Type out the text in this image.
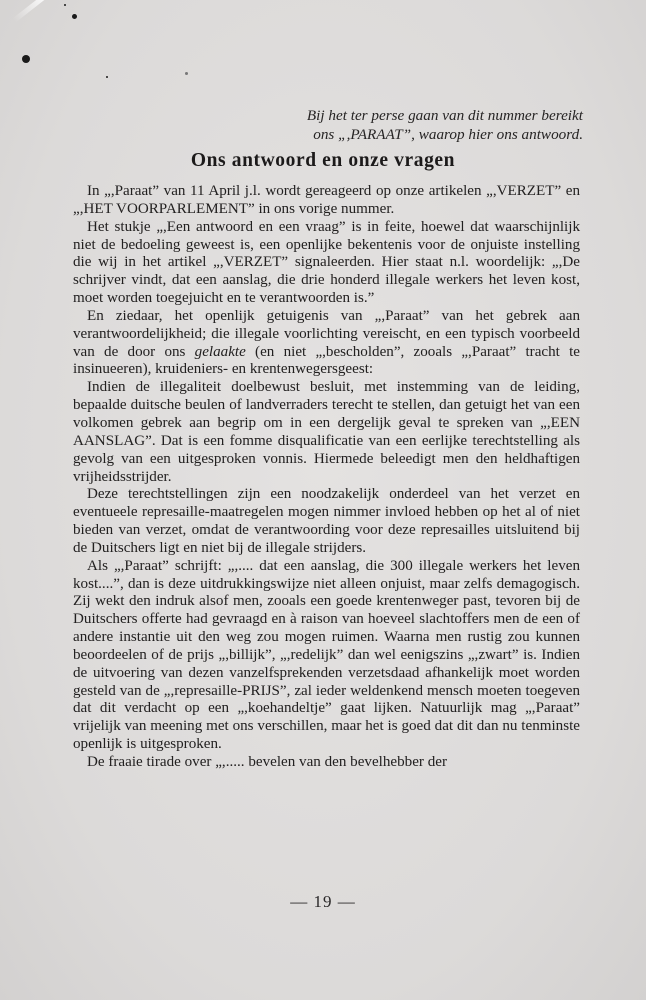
Bij het ter perse gaan van dit nummer bereikt
ons „,PARAAT”, waarop hier ons antwoord.
Ons antwoord en onze vragen

In „,Paraat” van 11 April j.l. wordt gereageerd op onze artikelen „,VERZET” en „,HET VOORPARLEMENT” in ons vorige nummer.

Het stukje „,Een antwoord en een vraag” is in feite, hoewel dat waarschijnlijk niet de bedoeling geweest is, een openlijke bekentenis voor de onjuiste instelling die wij in het artikel „,VERZET” signaleerden. Hier staat n.l. woordelijk: „,De schrijver vindt, dat een aanslag, die drie honderd illegale werkers het leven kost, moet worden toegejuicht en te verantwoorden is.”

En ziedaar, het openlijk getuigenis van „,Paraat” van het gebrek aan verantwoordelijkheid; die illegale voorlichting vereischt, en een typisch voorbeeld van de door ons gelaakte (en niet „,bescholden”, zooals „,Paraat” tracht te insinueeren), kruideniers- en krentenwegersgeest:

Indien de illegaliteit doelbewust besluit, met instemming van de leiding, bepaalde duitsche beulen of landverraders terecht te stellen, dan getuigt het van een volkomen gebrek aan begrip om in een dergelijk geval te spreken van „,EEN AANSLAG”. Dat is een fomme disqualificatie van een eerlijke terechtstelling als gevolg van een uitgesproken vonnis. Hiermede beleedigt men den heldhaftigen vrijheidsstrijder.

Deze terechtstellingen zijn een noodzakelijk onderdeel van het verzet en eventueele represaille-maatregelen mogen nimmer invloed hebben op het al of niet bieden van verzet, omdat de verantwoording voor deze represailles uitsluitend bij de Duitschers ligt en niet bij de illegale strijders.

Als „,Paraat” schrijft: „,.... dat een aanslag, die 300 illegale werkers het leven kost....”, dan is deze uitdrukkingswijze niet alleen onjuist, maar zelfs demagogisch. Zij wekt den indruk alsof men, zooals een goede krentenweger past, tevoren bij de Duitschers offerte had gevraagd en à raison van hoeveel slachtoffers men de een of andere instantie uit den weg zou mogen ruimen. Waarna men rustig zou kunnen beoordeelen of de prijs „,billijk”, „,redelijk” dan wel eenigszins „,zwart” is. Indien de uitvoering van dezen vanzelfsprekenden verzetsdaad afhankelijk moet worden gesteld van de „,represaille-PRIJS”, zal ieder weldenkend mensch moeten toegeven dat dit verdacht op een „,koehandeltje” gaat lijken. Natuurlijk mag „,Paraat” vrijelijk van meening met ons verschillen, maar het is goed dat dit dan nu tenminste openlijk is uitgesproken.

De fraaie tirade over „,..... bevelen van den bevelhebber der

— 19 —
